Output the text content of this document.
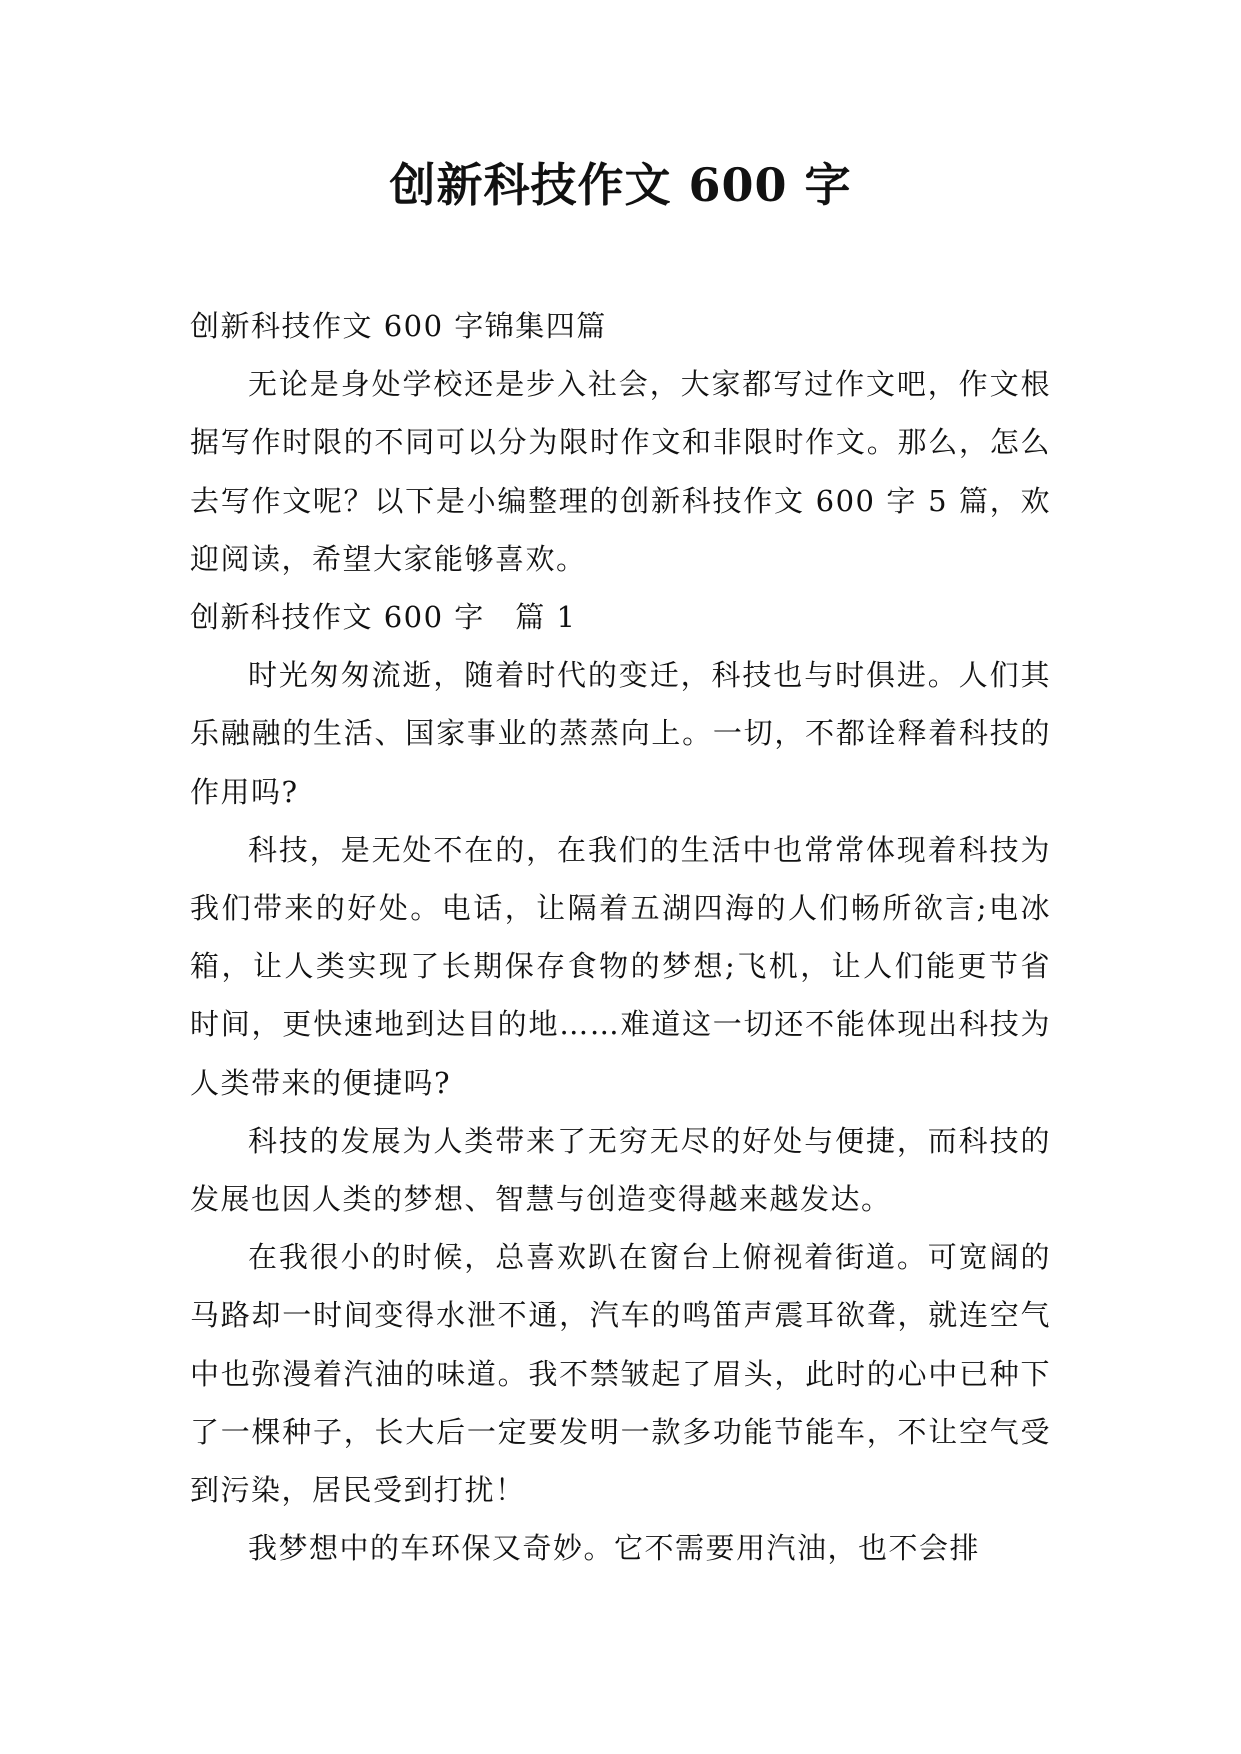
创新科技作文 600 字

创新科技作文 600 字锦集四篇

无论是身处学校还是步入社会，大家都写过作文吧，作文根据写作时限的不同可以分为限时作文和非限时作文。那么，怎么去写作文呢？以下是小编整理的创新科技作文 600 字 5 篇，欢迎阅读，希望大家能够喜欢。

创新科技作文 600 字　篇 1

时光匆匆流逝，随着时代的变迁，科技也与时俱进。人们其乐融融的生活、国家事业的蒸蒸向上。一切，不都诠释着科技的作用吗?

科技，是无处不在的，在我们的生活中也常常体现着科技为我们带来的好处。电话，让隔着五湖四海的人们畅所欲言;电冰箱，让人类实现了长期保存食物的梦想;飞机，让人们能更节省时间，更快速地到达目的地……难道这一切还不能体现出科技为人类带来的便捷吗?

科技的发展为人类带来了无穷无尽的好处与便捷，而科技的发展也因人类的梦想、智慧与创造变得越来越发达。

在我很小的时候，总喜欢趴在窗台上俯视着街道。可宽阔的马路却一时间变得水泄不通，汽车的鸣笛声震耳欲聋，就连空气中也弥漫着汽油的味道。我不禁皱起了眉头，此时的心中已种下了一棵种子，长大后一定要发明一款多功能节能车，不让空气受到污染，居民受到打扰！

我梦想中的车环保又奇妙。它不需要用汽油，也不会排
